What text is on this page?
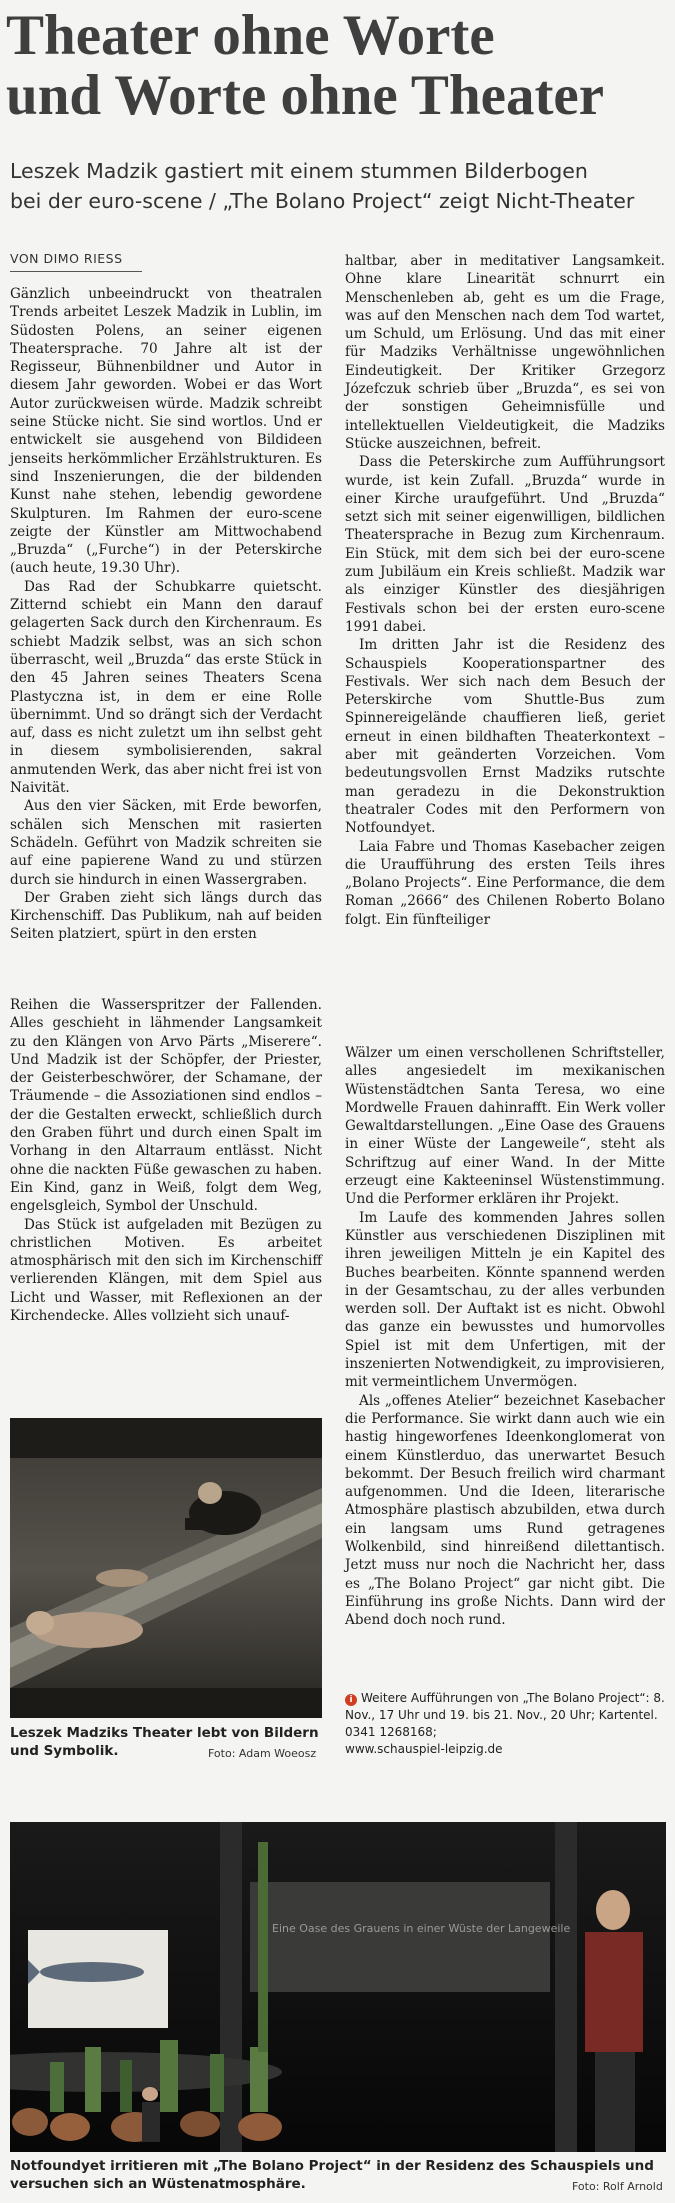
Theater ohne Worte
und Worte ohne Theater

Leszek Madzik gastiert mit einem stummen Bilderbogen
bei der euro-scene / „The Bolano Project“ zeigt Nicht-Theater

VON DIMO RIESS

Gänzlich unbeeindruckt von theatralen Trends arbeitet Leszek Madzik in Lublin, im Südosten Polens, an seiner eigenen Theatersprache. 70 Jahre alt ist der Regisseur, Bühnenbildner und Autor in diesem Jahr geworden. Wobei er das Wort Autor zurückweisen würde. Madzik schreibt seine Stücke nicht. Sie sind wortlos. Und er entwickelt sie ausgehend von Bildideen jenseits herkömmlicher Erzählstrukturen. Es sind Inszenierungen, die der bildenden Kunst nahe stehen, lebendig gewordene Skulpturen. Im Rahmen der euro-scene zeigte der Künstler am Mittwochabend „Bruzda“ („Furche“) in der Peterskirche (auch heute, 19.30 Uhr).

Das Rad der Schubkarre quietscht. Zitternd schiebt ein Mann den darauf gelagerten Sack durch den Kirchenraum. Es schiebt Madzik selbst, was an sich schon überrascht, weil „Bruzda“ das erste Stück in den 45 Jahren seines Theaters Scena Plastyczna ist, in dem er eine Rolle übernimmt. Und so drängt sich der Verdacht auf, dass es nicht zuletzt um ihn selbst geht in diesem symbolisierenden, sakral anmutenden Werk, das aber nicht frei ist von Naivität.

Aus den vier Säcken, mit Erde beworfen, schälen sich Menschen mit rasierten Schädeln. Geführt von Madzik schreiten sie auf eine papierene Wand zu und stürzen durch sie hindurch in einen Wassergraben.

Der Graben zieht sich längs durch das Kirchenschiff. Das Publikum, nah auf beiden Seiten platziert, spürt in den ersten

Reihen die Wasserspritzer der Fallenden. Alles geschieht in lähmender Langsamkeit zu den Klängen von Arvo Pärts „Miserere“. Und Madzik ist der Schöpfer, der Priester, der Geisterbeschwörer, der Schamane, der Träumende – die Assoziationen sind endlos – der die Gestalten erweckt, schließlich durch den Graben führt und durch einen Spalt im Vorhang in den Altarraum entlässt. Nicht ohne die nackten Füße gewaschen zu haben. Ein Kind, ganz in Weiß, folgt dem Weg, engelsgleich, Symbol der Unschuld.

Das Stück ist aufgeladen mit Bezügen zu christlichen Motiven. Es arbeitet atmosphärisch mit den sich im Kirchenschiff verlierenden Klängen, mit dem Spiel aus Licht und Wasser, mit Reflexionen an der Kirchendecke. Alles vollzieht sich unauf-

haltbar, aber in meditativer Langsamkeit. Ohne klare Linearität schnurrt ein Menschenleben ab, geht es um die Frage, was auf den Menschen nach dem Tod wartet, um Schuld, um Erlösung. Und das mit einer für Madziks Verhältnisse ungewöhnlichen Eindeutigkeit. Der Kritiker Grzegorz Józefczuk schrieb über „Bruzda“, es sei von der sonstigen Geheimnisfülle und intellektuellen Vieldeutigkeit, die Madziks Stücke auszeichnen, befreit.

Dass die Peterskirche zum Aufführungsort wurde, ist kein Zufall. „Bruzda“ wurde in einer Kirche uraufgeführt. Und „Bruzda“ setzt sich mit seiner eigenwilligen, bildlichen Theatersprache in Bezug zum Kirchenraum. Ein Stück, mit dem sich bei der euro-scene zum Jubiläum ein Kreis schließt. Madzik war als einziger Künstler des diesjährigen Festivals schon bei der ersten euro-scene 1991 dabei.

Im dritten Jahr ist die Residenz des Schauspiels Kooperationspartner des Festivals. Wer sich nach dem Besuch der Peterskirche vom Shuttle-Bus zum Spinnereigelände chauffieren ließ, geriet erneut in einen bildhaften Theaterkontext – aber mit geänderten Vorzeichen. Vom bedeutungsvollen Ernst Madziks rutschte man geradezu in die Dekonstruktion theatraler Codes mit den Performern von Notfoundyet.

Laia Fabre und Thomas Kasebacher zeigen die Uraufführung des ersten Teils ihres „Bolano Projects“. Eine Performance, die dem Roman „2666“ des Chilenen Roberto Bolano folgt. Ein fünfteiliger

Wälzer um einen verschollenen Schriftsteller, alles angesiedelt im mexikanischen Wüstenstädtchen Santa Teresa, wo eine Mordwelle Frauen dahinrafft. Ein Werk voller Gewaltdarstellungen. „Eine Oase des Grauens in einer Wüste der Langeweile“, steht als Schriftzug auf einer Wand. In der Mitte erzeugt eine Kakteeninsel Wüstenstimmung. Und die Performer erklären ihr Projekt.

Im Laufe des kommenden Jahres sollen Künstler aus verschiedenen Disziplinen mit ihren jeweiligen Mitteln je ein Kapitel des Buches bearbeiten. Könnte spannend werden in der Gesamtschau, zu der alles verbunden werden soll. Der Auftakt ist es nicht. Obwohl das ganze ein bewusstes und humorvolles Spiel ist mit dem Unfertigen, mit der inszenierten Notwendigkeit, zu improvisieren, mit vermeintlichem Unvermögen.

Als „offenes Atelier“ bezeichnet Kasebacher die Performance. Sie wirkt dann auch wie ein hastig hingeworfenes Ideenkonglomerat von einem Künstlerduo, das unerwartet Besuch bekommt. Der Besuch freilich wird charmant aufgenommen. Und die Ideen, literarische Atmosphäre plastisch abzubilden, etwa durch ein langsam ums Rund getragenes Wolkenbild, sind hinreißend dilettantisch. Jetzt muss nur noch die Nachricht her, dass es „The Bolano Project“ gar nicht gibt. Die Einführung ins große Nichts. Dann wird der Abend doch noch rund.

Leszek Madziks Theater lebt von Bildern
und Symbolik.	Foto: Adam Woeosz
i Weitere Aufführungen von „The Bolano Project“: 8. Nov., 17 Uhr und 19. bis 21. Nov., 20 Uhr; Kartentel. 0341 1268168;
www.schauspiel-leipzig.de
Eine Oase des Grauens in einer Wüste der Langeweile
Notfoundyet irritieren mit „The Bolano Project“ in der Residenz des Schauspiels und
versuchen sich an Wüstenatmosphäre.	Foto: Rolf Arnold
